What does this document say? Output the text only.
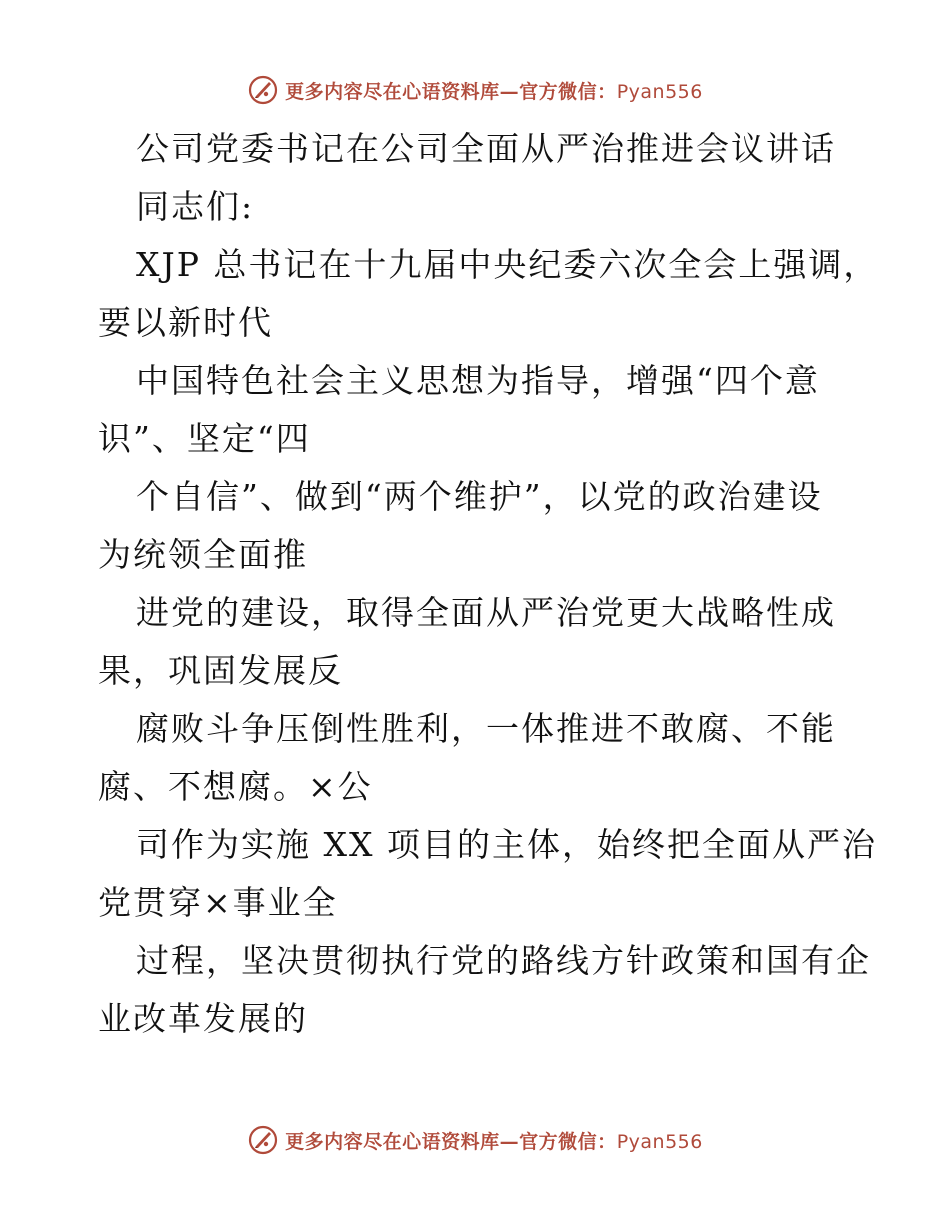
更多内容尽在心语资料库—官方微信：Pyan556
公司党委书记在公司全面从严治推进会议讲话
同志们:
XJP 总书记在十九届中央纪委六次全会上强调，
要以新时代
中国特色社会主义思想为指导，增强“四个意
识”、坚定“四
个自信”、做到“两个维护”，以党的政治建设
为统领全面推
进党的建设，取得全面从严治党更大战略性成
果，巩固发展反
腐败斗争压倒性胜利，一体推进不敢腐、不能
腐、不想腐。×公
司作为实施 XX 项目的主体，始终把全面从严治
党贯穿×事业全
过程，坚决贯彻执行党的路线方针政策和国有企
业改革发展的
更多内容尽在心语资料库—官方微信：Pyan556
